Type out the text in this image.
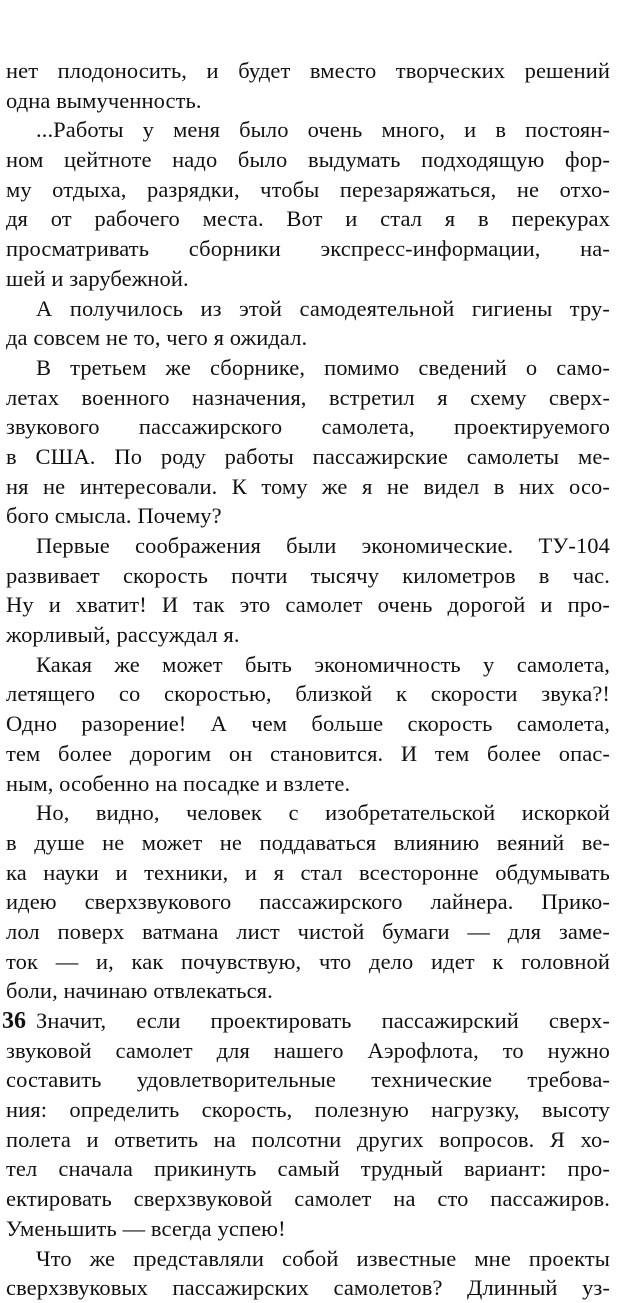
нет плодоносить, и будет вместо творческих решений
одна вымученность.
...Работы у меня было очень много, и в постоян-
ном цейтноте надо было выдумать подходящую фор-
му отдыха, разрядки, чтобы перезаряжаться, не отхо-
дя от рабочего места. Вот и стал я в перекурах
просматривать сборники экспресс-информации, на-
шей и зарубежной.
А получилось из этой самодеятельной гигиены тру-
да совсем не то, чего я ожидал.
В третьем же сборнике, помимо сведений о само-
летах военного назначения, встретил я схему сверх-
звукового пассажирского самолета, проектируемого
в США. По роду работы пассажирские самолеты ме-
ня не интересовали. К тому же я не видел в них осо-
бого смысла. Почему?
Первые соображения были экономические. ТУ-104
развивает скорость почти тысячу километров в час.
Ну и хватит! И так это самолет очень дорогой и про-
жорливый, рассуждал я.
Какая же может быть экономичность у самолета,
летящего со скоростью, близкой к скорости звука?!
Одно разорение! А чем больше скорость самолета,
тем более дорогим он становится. И тем более опас-
ным, особенно на посадке и взлете.
Но, видно, человек с изобретательской искоркой
в душе не может не поддаваться влиянию веяний ве-
ка науки и техники, и я стал всесторонне обдумывать
идею сверхзвукового пассажирского лайнера. Прико-
лол поверх ватмана лист чистой бумаги — для заме-
ток — и, как почувствую, что дело идет к головной
боли, начинаю отвлекаться.
Значит, если проектировать пассажирский сверх-
звуковой самолет для нашего Аэрофлота, то нужно
составить удовлетворительные технические требова-
ния: определить скорость, полезную нагрузку, высоту
полета и ответить на полсотни других вопросов. Я хо-
тел сначала прикинуть самый трудный вариант: про-
ектировать сверхзвуковой самолет на сто пассажиров.
Уменьшить — всегда успею!
Что же представляли собой известные мне проекты
сверхзвуковых пассажирских самолетов? Длинный уз-
36
